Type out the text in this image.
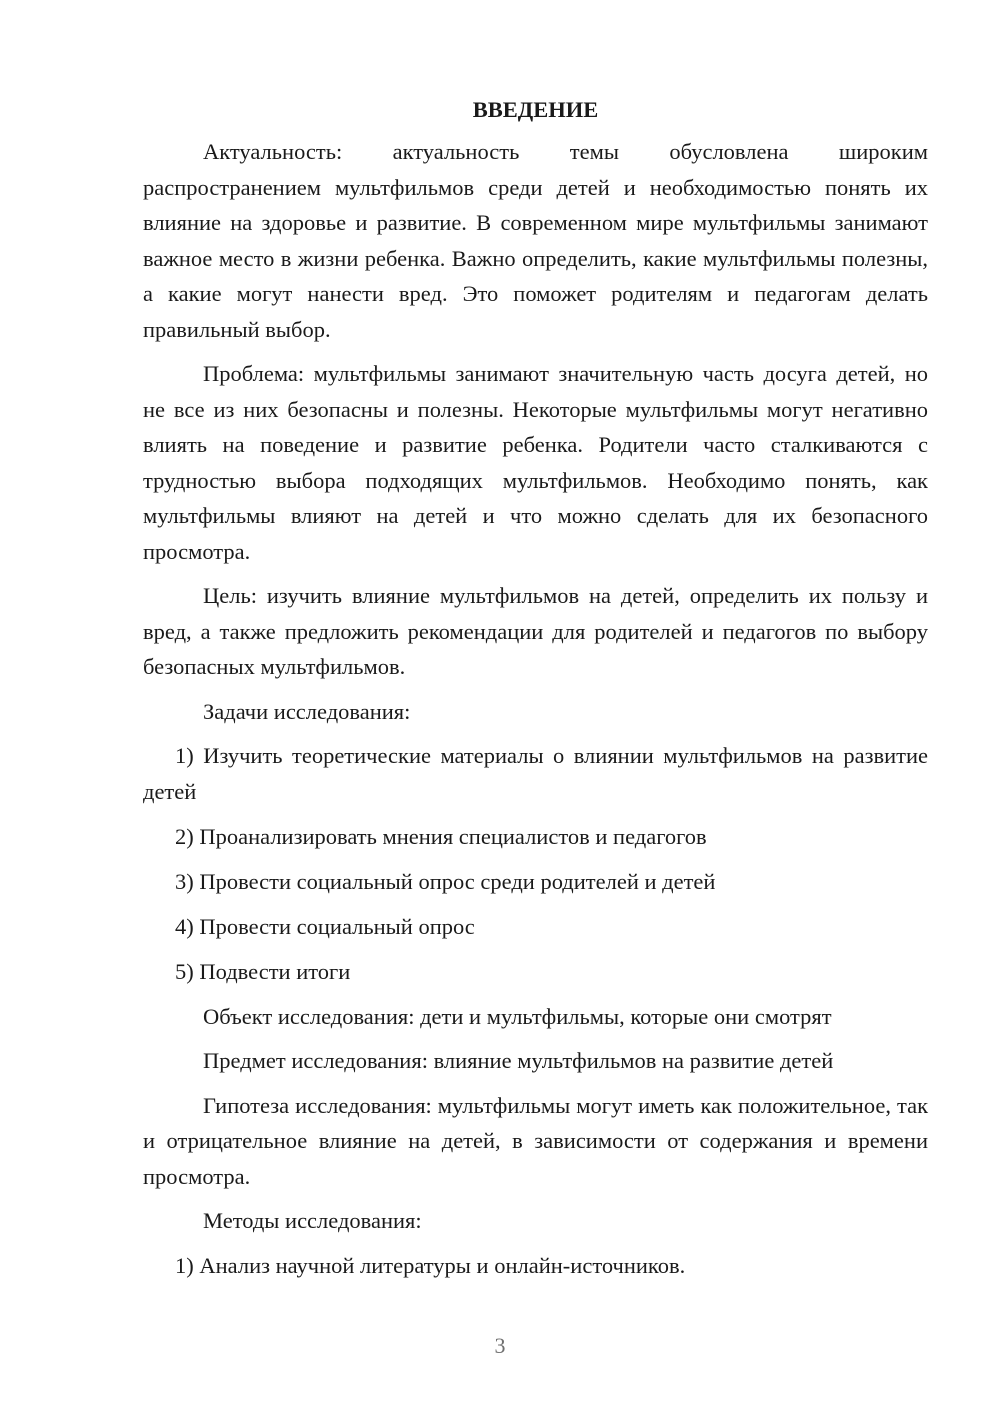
ВВЕДЕНИЕ

Актуальность: актуальность темы обусловлена широким распространением мультфильмов среди детей и необходимостью понять их влияние на здоровье и развитие. В современном мире мультфильмы занимают важное место в жизни ребенка. Важно определить, какие мультфильмы полезны, а какие могут нанести вред. Это поможет родителям и педагогам делать правильный выбор.

Проблема: мультфильмы занимают значительную часть досуга детей, но не все из них безопасны и полезны. Некоторые мультфильмы могут негативно влиять на поведение и развитие ребенка. Родители часто сталкиваются с трудностью выбора подходящих мультфильмов. Необходимо понять, как мультфильмы влияют на детей и что можно сделать для их безопасного просмотра.

Цель: изучить влияние мультфильмов на детей, определить их пользу и вред, а также предложить рекомендации для родителей и педагогов по выбору безопасных мультфильмов.

Задачи исследования:

1) Изучить теоретические материалы о влиянии мультфильмов на развитие детей

2) Проанализировать мнения специалистов и педагогов

3) Провести социальный опрос среди родителей и детей

4) Провести социальный опрос

5) Подвести итоги

Объект исследования: дети и мультфильмы, которые они смотрят

Предмет исследования: влияние мультфильмов на развитие детей

Гипотеза исследования: мультфильмы могут иметь как положительное, так и отрицательное влияние на детей, в зависимости от содержания и времени просмотра.

Методы исследования:

1) Анализ научной литературы и онлайн-источников.

3
